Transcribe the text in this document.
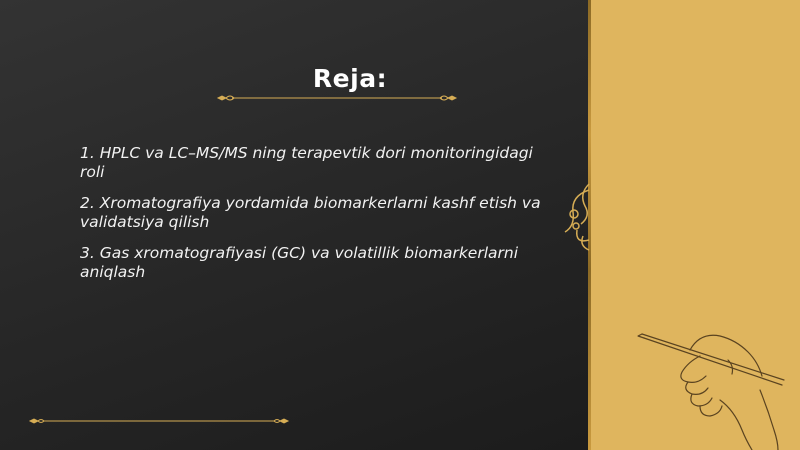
Reja:
1. HPLC va LC–MS/MS ning terapevtik dori monitoringidagi roli
2. Xromatografiya yordamida biomarkerlarni kashf etish va validatsiya qilish
3. Gas xromatografiyasi (GC) va volatillik biomarkerlarni aniqlash
